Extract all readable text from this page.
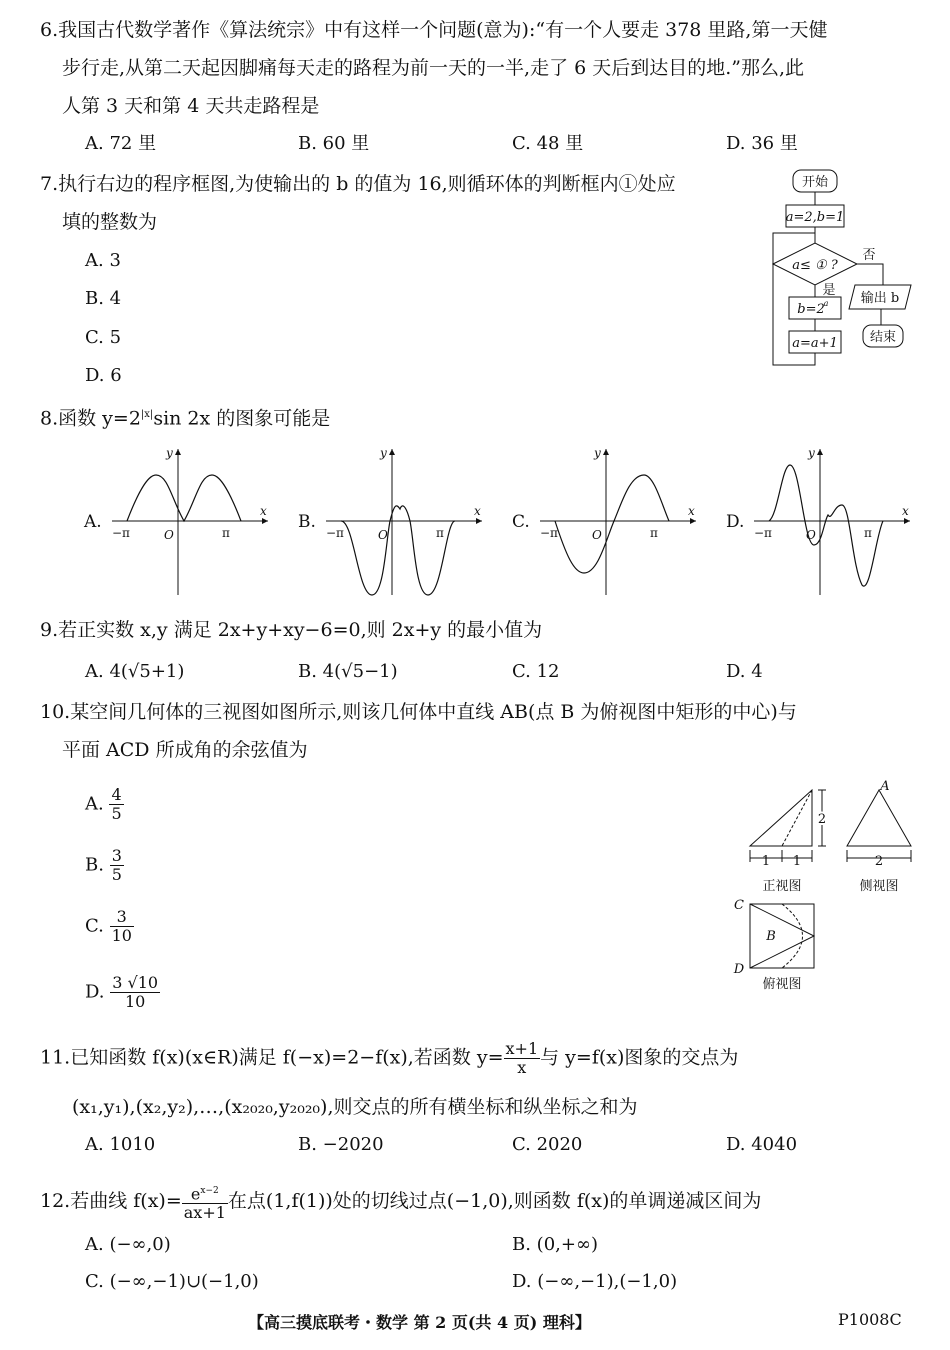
6.我国古代数学著作《算法统宗》中有这样一个问题(意为):“有一个人要走 378 里路,第一天健
步行走,从第二天起因脚痛每天走的路程为前一天的一半,走了 6 天后到达目的地.”那么,此
人第 3 天和第 4 天共走路程是
A. 72 里	B. 60 里	C. 48 里	D. 36 里
7.执行右边的程序框图,为使输出的 b 的值为 16,则循环体的判断框内①处应
填的整数为
A. 3
B. 4
C. 5
D. 6
开始
a=2,b=1
a≤ ① ?
否
是
b=2
a
a=a+1
输出 b
结束
8.函数 $y=2^{|x|}\sin$ 2x 的图象可能是
A.
−π	π
O
x
y
B.
−π	π
O
x
y
C.
−π	π
O
x
y
D.
−π	π
O
x
y
9.若正实数 x,y 满足 2x+y+xy−6=0,则 2x+y 的最小值为
A. 4(√5+1)	B. 4(√5−1)	C. 12	D. 4
10.某空间几何体的三视图如图所示,则该几何体中直线 AB(点 B 为俯视图中矩形的中心)与
平面 ACD 所成角的余弦值为
A. $\frac{4}{5}$
B. $\frac{3}{5}$
C. $\frac{3}{10}$
D. $\frac{3 √10}{10}$
1 1
2
2
A
正视图	侧视图
C
D
B
俯视图
11.已知函数 f(x)(x∈R)满足 f(−x)=2−f(x),若函数 $y= \frac{x+1}{x}$ 与 y=f(x)图象的交点为
(x₁,y₁),(x₂,y₂),…,(x₂₀₂₀,y₂₀₂₀),则交点的所有横坐标和纵坐标之和为
A. 1010	B. −2020	C. 2020	D. 4040
12.若曲线 $f(x)= \frac{e^{x-2}}{ax+1}$ 在点(1,f(1))处的切线过点(−1,0),则函数 f(x)的单调递减区间为
A. (−∞,0)	B. (0,+∞)
C. (−∞,−1)∪(−1,0)	D. (−∞,−1),(−1,0)
【高三摸底联考・数学 第 2 页(共 4 页) 理科】	P1008C
